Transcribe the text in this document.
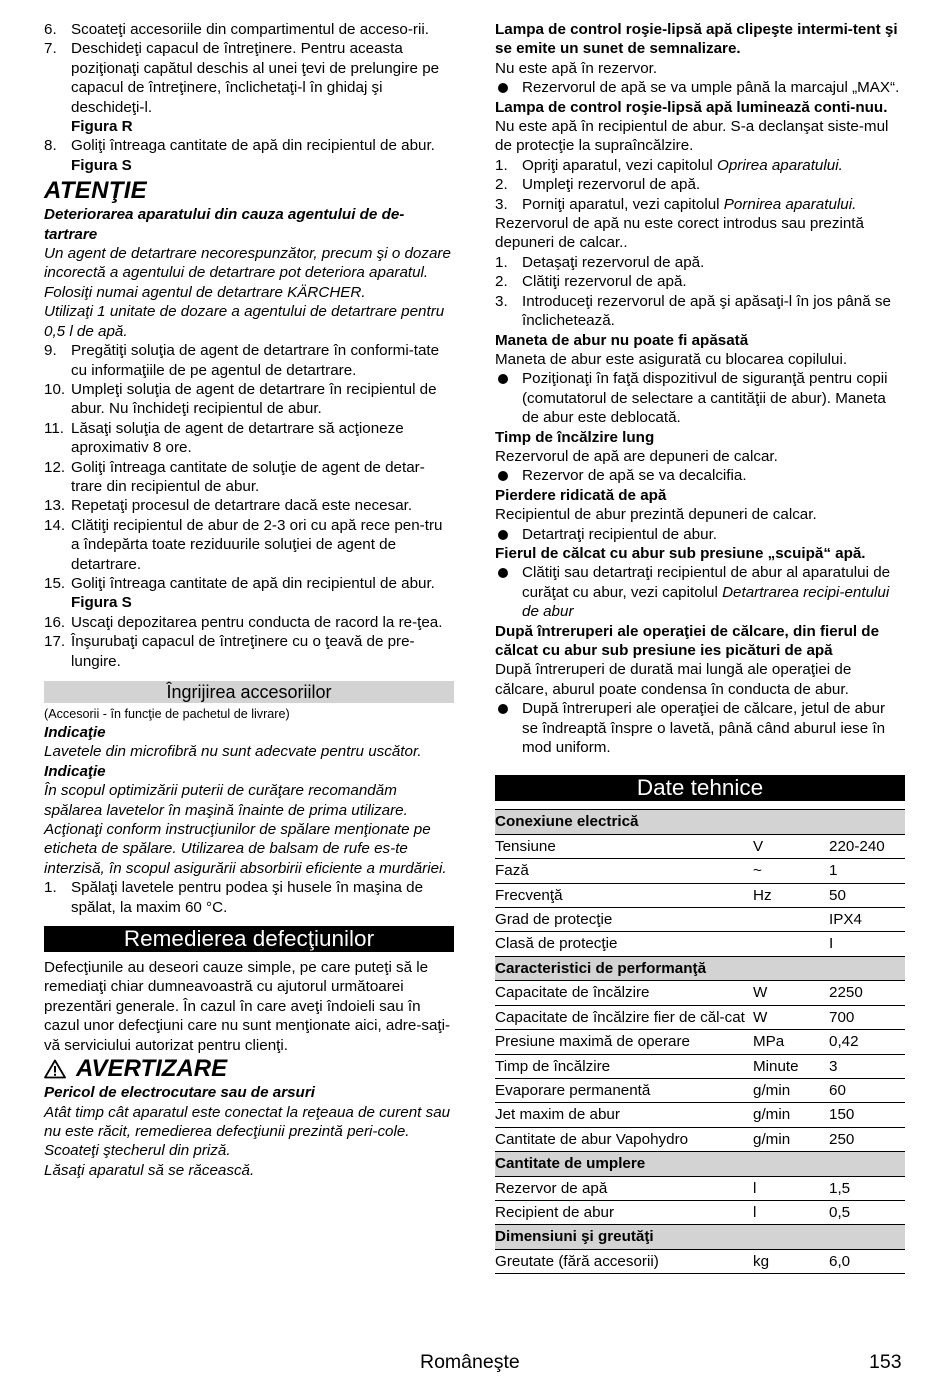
6. Scoateţi accesoriile din compartimentul de acceso-rii.
7. Deschideţi capacul de întreţinere. Pentru aceasta poziţionaţi capătul deschis al unei ţevi de prelungire pe capacul de întreţinere, înclichetaţi-l în ghidaj şi deschideţi-l.
Figura R
8. Goliţi întreaga cantitate de apă din recipientul de abur.
Figura S
ATENŢIE

Deteriorarea aparatului din cauza agentului de de-tartrare

Un agent de detartrare necorespunzător, precum şi o dozare incorectă a agentului de detartrare pot deteriora aparatul.

Folosiţi numai agentul de detartrare KÄRCHER.

Utilizaţi 1 unitate de dozare a agentului de detartrare pentru 0,5 l de apă.

9. Pregătiţi soluţia de agent de detartrare în conformi-tate cu informaţiile de pe agentul de detartrare.
10. Umpleţi soluţia de agent de detartrare în recipientul de abur. Nu închideţi recipientul de abur.
11. Lăsaţi soluţia de agent de detartrare să acţioneze aproximativ 8 ore.
12. Goliţi întreaga cantitate de soluţie de agent de detar-trare din recipientul de abur.
13. Repetaţi procesul de detartrare dacă este necesar.
14. Clătiţi recipientul de abur de 2-3 ori cu apă rece pen-tru a îndepărta toate reziduurile soluţiei de agent de detartrare.
15. Goliţi întreaga cantitate de apă din recipientul de abur.
Figura S
16. Uscaţi depozitarea pentru conducta de racord la re-ţea.
17. Înşurubaţi capacul de întreţinere cu o ţeavă de pre-lungire.
Îngrijirea accesoriilor

(Accesorii - în funcţie de pachetul de livrare)

Indicaţie

Lavetele din microfibră nu sunt adecvate pentru uscător.

Indicaţie

În scopul optimizării puterii de curăţare recomandăm spălarea lavetelor în maşină înainte de prima utilizare. Acţionaţi conform instrucţiunilor de spălare menţionate pe eticheta de spălare. Utilizarea de balsam de rufe es-te interzisă, în scopul asigurării absorbirii eficiente a murdăriei.

1. Spălaţi lavetele pentru podea şi husele în maşina de spălat, la maxim 60 °C.
Remedierea defecţiunilor

Defecţiunile au deseori cauze simple, pe care puteţi să le remediaţi chiar dumneavoastră cu ajutorul următoarei prezentări generale. În cazul în care aveţi îndoieli sau în cazul unor defecţiuni care nu sunt menţionate aici, adre-saţi-vă serviciului autorizat pentru clienţi.

AVERTIZARE

Pericol de electrocutare sau de arsuri

Atât timp cât aparatul este conectat la reţeaua de curent sau nu este răcit, remedierea defecţiunii prezintă peri-cole.

Scoateţi ştecherul din priză.

Lăsaţi aparatul să se răcească.

Lampa de control roşie-lipsă apă clipeşte intermi-tent şi se emite un sunet de semnalizare.

Nu este apă în rezervor.

Rezervorul de apă se va umple până la marcajul „MAX“.

Lampa de control roşie-lipsă apă luminează conti-nuu.

Nu este apă în recipientul de abur. S-a declanşat siste-mul de protecţie la supraîncălzire.

1. Opriţi aparatul, vezi capitolul Oprirea aparatului.
2. Umpleţi rezervorul de apă.
3. Porniţi aparatul, vezi capitolul Pornirea aparatului.

Rezervorul de apă nu este corect introdus sau prezintă depuneri de calcar..

1. Detaşaţi rezervorul de apă.
2. Clătiţi rezervorul de apă.
3. Introduceţi rezervorul de apă şi apăsaţi-l în jos până se înclichetează.

Maneta de abur nu poate fi apăsată

Maneta de abur este asigurată cu blocarea copilului.

Poziţionaţi în faţă dispozitivul de siguranţă pentru copii (comutatorul de selectare a cantităţii de abur). Maneta de abur este deblocată.

Timp de încălzire lung

Rezervorul de apă are depuneri de calcar.

Rezervor de apă se va decalcifia.

Pierdere ridicată de apă

Recipientul de abur prezintă depuneri de calcar.

Detartraţi recipientul de abur.

Fierul de călcat cu abur sub presiune „scuipă“ apă.

Clătiţi sau detartraţi recipientul de abur al aparatului de curăţat cu abur, vezi capitolul Detartrarea recipi-entului de abur

După întreruperi ale operaţiei de călcare, din fierul de călcat cu abur sub presiune ies picături de apă

După întreruperi de durată mai lungă ale operaţiei de călcare, aburul poate condensa în conducta de abur.

După întreruperi ale operaţiei de călcare, jetul de abur se îndreaptă înspre o lavetă, până când aburul iese în mod uniform.
Date tehnice
Conexiune electrică		
Tensiune	V	220-240
Fază	~	1
Frecvenţă	Hz	50
Grad de protecţie		IPX4
Clasă de protecţie		I
Caracteristici de performanţă		
Capacitate de încălzire	W	2250
Capacitate de încălzire fier de căl-cat	W	700
Presiune maximă de operare	MPa	0,42
Timp de încălzire	Minute	3
Evaporare permanentă	g/min	60
Jet maxim de abur	g/min	150
Cantitate de abur Vapohydro	g/min	250
Cantitate de umplere		
Rezervor de apă	l	1,5
Recipient de abur	l	0,5
Dimensiuni şi greutăţi		
Greutate (fără accesorii)	kg	6,0
Româneşte	153
